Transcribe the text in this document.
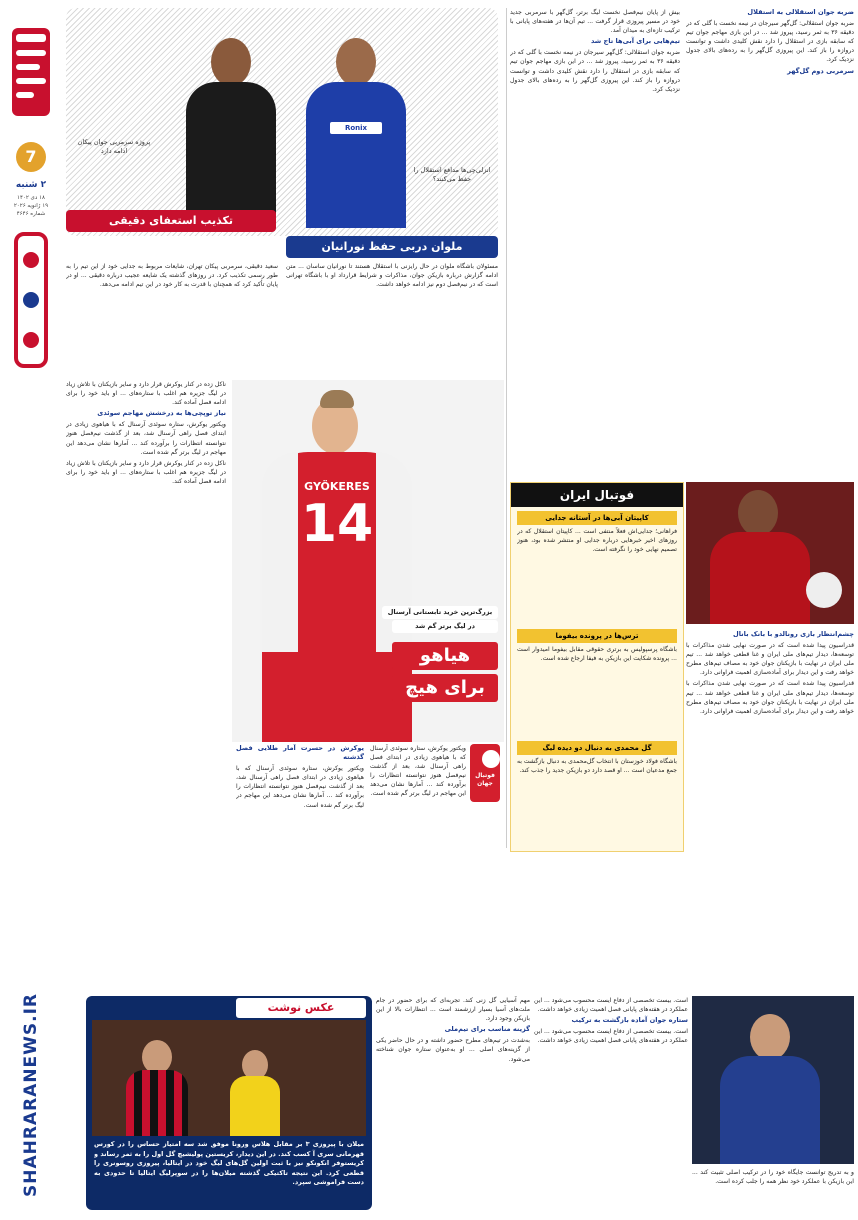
7
۲ شنبه
۱۸ دی ۱۴۰۲
۱۹ ژانویه ۲۰۲۶
شماره ۴۶۴۶
SHAHRARANEWS.IR
Ronix
پروژه سرمربی جوان پیکان ادامه دارد
انزلی‌چی‌ها مدافع استقلال را حفظ می‌کنند؟
ملوان دربی حفظ نورانیان
تکذیب استعفای دقیقی

مسئولان باشگاه ملوان در حال رایزنی با استقلال هستند تا نورانیان ساسان ... متن ادامه گزارش درباره بازیکن جوان، مذاکرات و شرایط قرارداد او با باشگاه تهرانی است که در نیم‌فصل دوم نیز ادامه خواهد داشت.

سعید دقیقی، سرمربی پیکان تهران، شایعات مربوط به جدایی خود از این تیم را به طور رسمی تکذیب کرد. در روزهای گذشته یک شایعه عجیب درباره دقیقی ... او در پایان تأکید کرد که همچنان با قدرت به کار خود در این تیم ادامه می‌دهد.

بیش از پایان نیم‌فصل نخست لیگ برتر، گل‌گهر با سرمربی جدید خود در مسیر پیروزی قرار گرفت ... تیم آن‌ها در هفته‌های پایانی با ترکیب تازه‌ای به میدان آمد.

تیم‌هایی برای آبی‌ها تاج شد

ضربه جوان استقلالی: گل‌گهر سیرجان در نیمه نخست با گلی که در دقیقه ۳۶ به ثمر رسید، پیروز شد ... در این بازی مهاجم جوان تیم که سابقه بازی در استقلال را دارد نقش کلیدی داشت و توانست دروازه را باز کند. این پیروزی گل‌گهر را به رده‌های بالای جدول نزدیک کرد.

ضربه جوان استقلالی به استقلال

ضربه جوان استقلالی: گل‌گهر سیرجان در نیمه نخست با گلی که در دقیقه ۳۶ به ثمر رسید، پیروز شد ... در این بازی مهاجم جوان تیم که سابقه بازی در استقلال را دارد نقش کلیدی داشت و توانست دروازه را باز کند. این پیروزی گل‌گهر را به رده‌های بالای جدول نزدیک کرد.

سرمربی دوم گل‌گهر

فوتبال ایران
کاپیتان آبی‌ها در آستانه جدایی
فراهانی؛ جدایی‌اش فعلاً منتفی است ... کاپیتان استقلال که در روزهای اخیر خبرهایی درباره جدایی او منتشر شده بود، هنوز تصمیم نهایی خود را نگرفته است.
ترس‌ها در پرونده بیفوما
باشگاه پرسپولیس به برتری حقوقی مقابل بیفوما امیدوار است ... پرونده شکایت این بازیکن به فیفا ارجاع شده است.
گل محمدی به دنبال دو دیده لیگ
باشگاه فولاد خوزستان با انتخاب گل‌محمدی به دنبال بازگشت به جمع مدعیان است ... او قصد دارد دو بازیکن جدید را جذب کند.

چشم‌انتظار بازی رونالدو با بانک بانال

قدراسیون پیدا شده است که در صورت نهایی شدن مذاکرات با توسعه‌ها، دیدار تیم‌های ملی ایران و غنا قطعی خواهد شد ... تیم ملی ایران در نهایت با بازیکنان جوان خود به مصاف تیم‌های مطرح خواهد رفت و این دیدار برای آماده‌سازی اهمیت فراوانی دارد.

قدراسیون پیدا شده است که در صورت نهایی شدن مذاکرات با توسعه‌ها، دیدار تیم‌های ملی ایران و غنا قطعی خواهد شد ... تیم ملی ایران در نهایت با بازیکنان جوان خود به مصاف تیم‌های مطرح خواهد رفت و این دیدار برای آماده‌سازی اهمیت فراوانی دارد.

GYÖKERES
14
بزرگ‌ترین خرید تابستانی آرسنال
در لیگ برتر گم شد
هیاهو
برای هیچ
فوتبال جهان

ویکتور یوکرش، ستاره سوئدی آرسنال که با هیاهوی زیادی در ابتدای فصل راهی آرسنال شد، بعد از گذشت نیم‌فصل هنوز نتوانسته انتظارات را برآورده کند ... آمارها نشان می‌دهد این مهاجم در لیگ برتر گم شده است.

یوکرش در حسرت آمار طلایی فصل گذشته

ویکتور یوکرش، ستاره سوئدی آرسنال که با هیاهوی زیادی در ابتدای فصل راهی آرسنال شد، بعد از گذشت نیم‌فصل هنوز نتوانسته انتظارات را برآورده کند ... آمارها نشان می‌دهد این مهاجم در لیگ برتر گم شده است.

ناکل زده در کنار یوکرش قرار دارد و سایر بازیکنان با تلاش زیاد در لیگ جزیره هم اغلب با ستاره‌های ... او باید خود را برای ادامه فصل آماده کند.

نیاز توپچی‌ها به درخشش مهاجم سوئدی

ویکتور یوکرش، ستاره سوئدی آرسنال که با هیاهوی زیادی در ابتدای فصل راهی آرسنال شد، بعد از گذشت نیم‌فصل هنوز نتوانسته انتظارات را برآورده کند ... آمارها نشان می‌دهد این مهاجم در لیگ برتر گم شده است.

ناکل زده در کنار یوکرش قرار دارد و سایر بازیکنان با تلاش زیاد در لیگ جزیره هم اغلب با ستاره‌های ... او باید خود را برای ادامه فصل آماده کند.

عکس نوشت
میلان با پیروزی ۳ بر مقابل هلاس ورونا موفق شد سه امتیاز حساس را در کورس قهرمانی سری آ کسب کند. در این دیدار، کریستین پولیشیچ گل اول را به ثمر رساند و کریستوفر انکونکو نیز با ثبت اولین گل‌های لیگ خود در ایتالیا، پیروزی روسونری را قطعی کرد. این نتیجه تاکتیکی گذشته میلان‌ها را در سوپرلیگ ایتالیا تا حدودی به دست فراموشی سپرد.

مهم آسیایی گل زنی کند. تجربه‌ای که برای حضور در جام ملت‌های آسیا بسیار ارزشمند است ... انتظارات بالا از این بازیکن وجود دارد.

گزینه مناسب برای تیم‌ملی

به‌شدت در تیم‌های مطرح حضور داشته و در حال حاضر یکی از گزینه‌های اصلی ... او به‌عنوان ستاره جوان شناخته می‌شود.

است. بیست تخصصی از دفاع ایست محسوب می‌شود ... این عملکرد در هفته‌های پایانی فصل اهمیت زیادی خواهد داشت.

ستاره جوان آماده بازگشت به ترکیب

است. بیست تخصصی از دفاع ایست محسوب می‌شود ... این عملکرد در هفته‌های پایانی فصل اهمیت زیادی خواهد داشت.

و به تدریج توانست جایگاه خود را در ترکیب اصلی تثبیت کند ... این بازیکن با عملکرد خود نظر همه را جلب کرده است.
